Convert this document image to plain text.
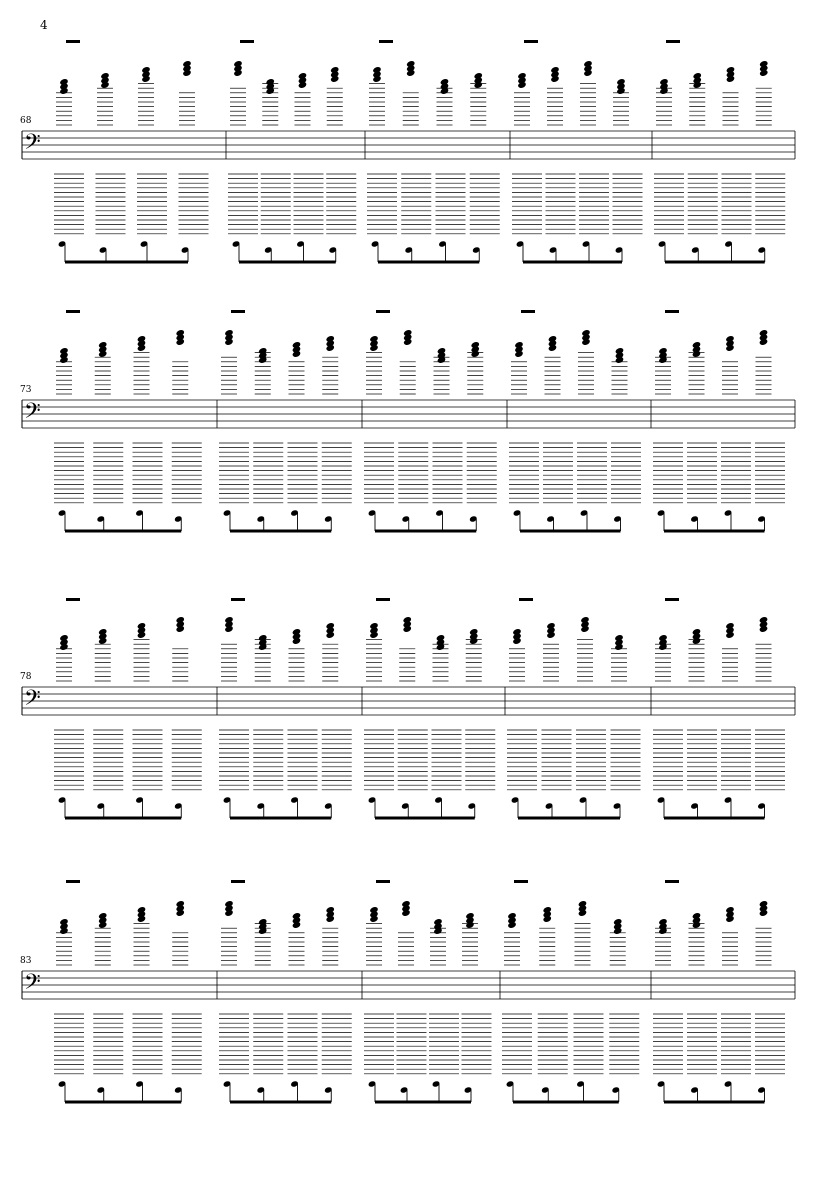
4
68
𝄢
73
𝄢
78
𝄢
83
𝄢
